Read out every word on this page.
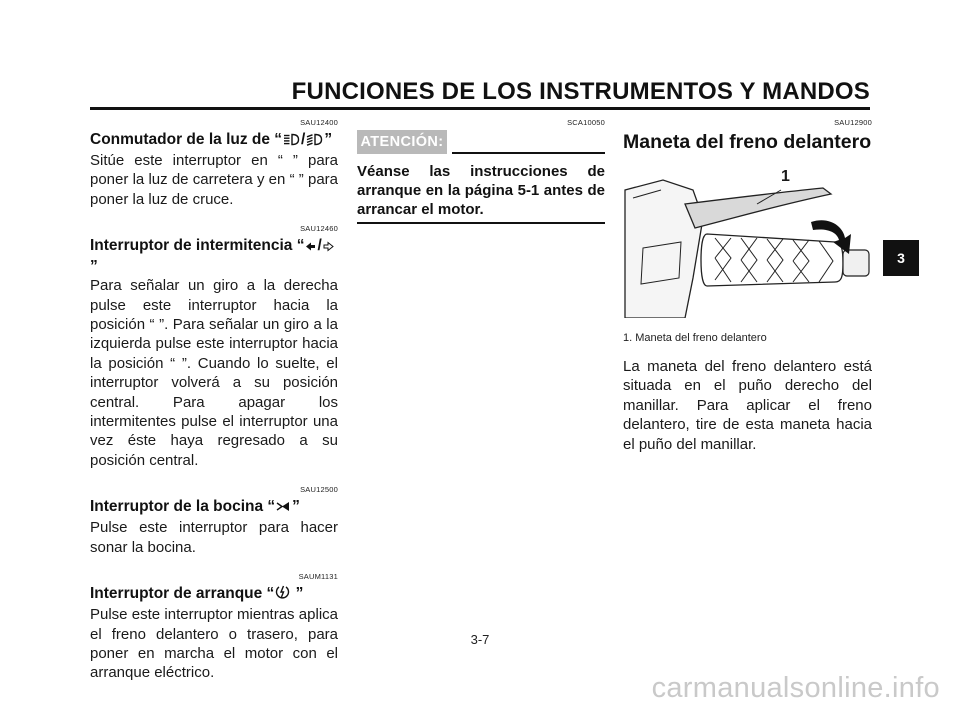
FUNCIONES DE LOS INSTRUMENTOS Y MANDOS
3
SAU12400
Conmutador de la luz de “ / ”
Sitúe este interruptor en “ ” para poner la luz de carretera y en “ ” para poner la luz de cruce.
SAU12460
Interruptor de intermitencia “ /”
Para señalar un giro a la derecha pulse este interruptor hacia la posición “ ”. Para señalar un giro a la izquierda pulse este interruptor hacia la posición “ ”. Cuando lo suelte, el interruptor volverá a su posición central. Para apagar los intermitentes pulse el interruptor una vez éste haya regresado a su posición central.
SAU12500
Interruptor de la bocina “ ”
Pulse este interruptor para hacer sonar la bocina.
SAUM1131
Interruptor de arranque “ ”
Pulse este interruptor mientras aplica el freno delantero o trasero, para poner en marcha el motor con el arranque eléctrico.
SCA10050
ATENCIÓN:
Véanse las instrucciones de arranque en la página 5-1 antes de arrancar el motor.
SAU12900
Maneta del freno delantero
1
1. Maneta del freno delantero
La maneta del freno delantero está situada en el puño derecho del manillar. Para aplicar el freno delantero, tire de esta maneta hacia el puño del manillar.
3-7
carmanualsonline.info
